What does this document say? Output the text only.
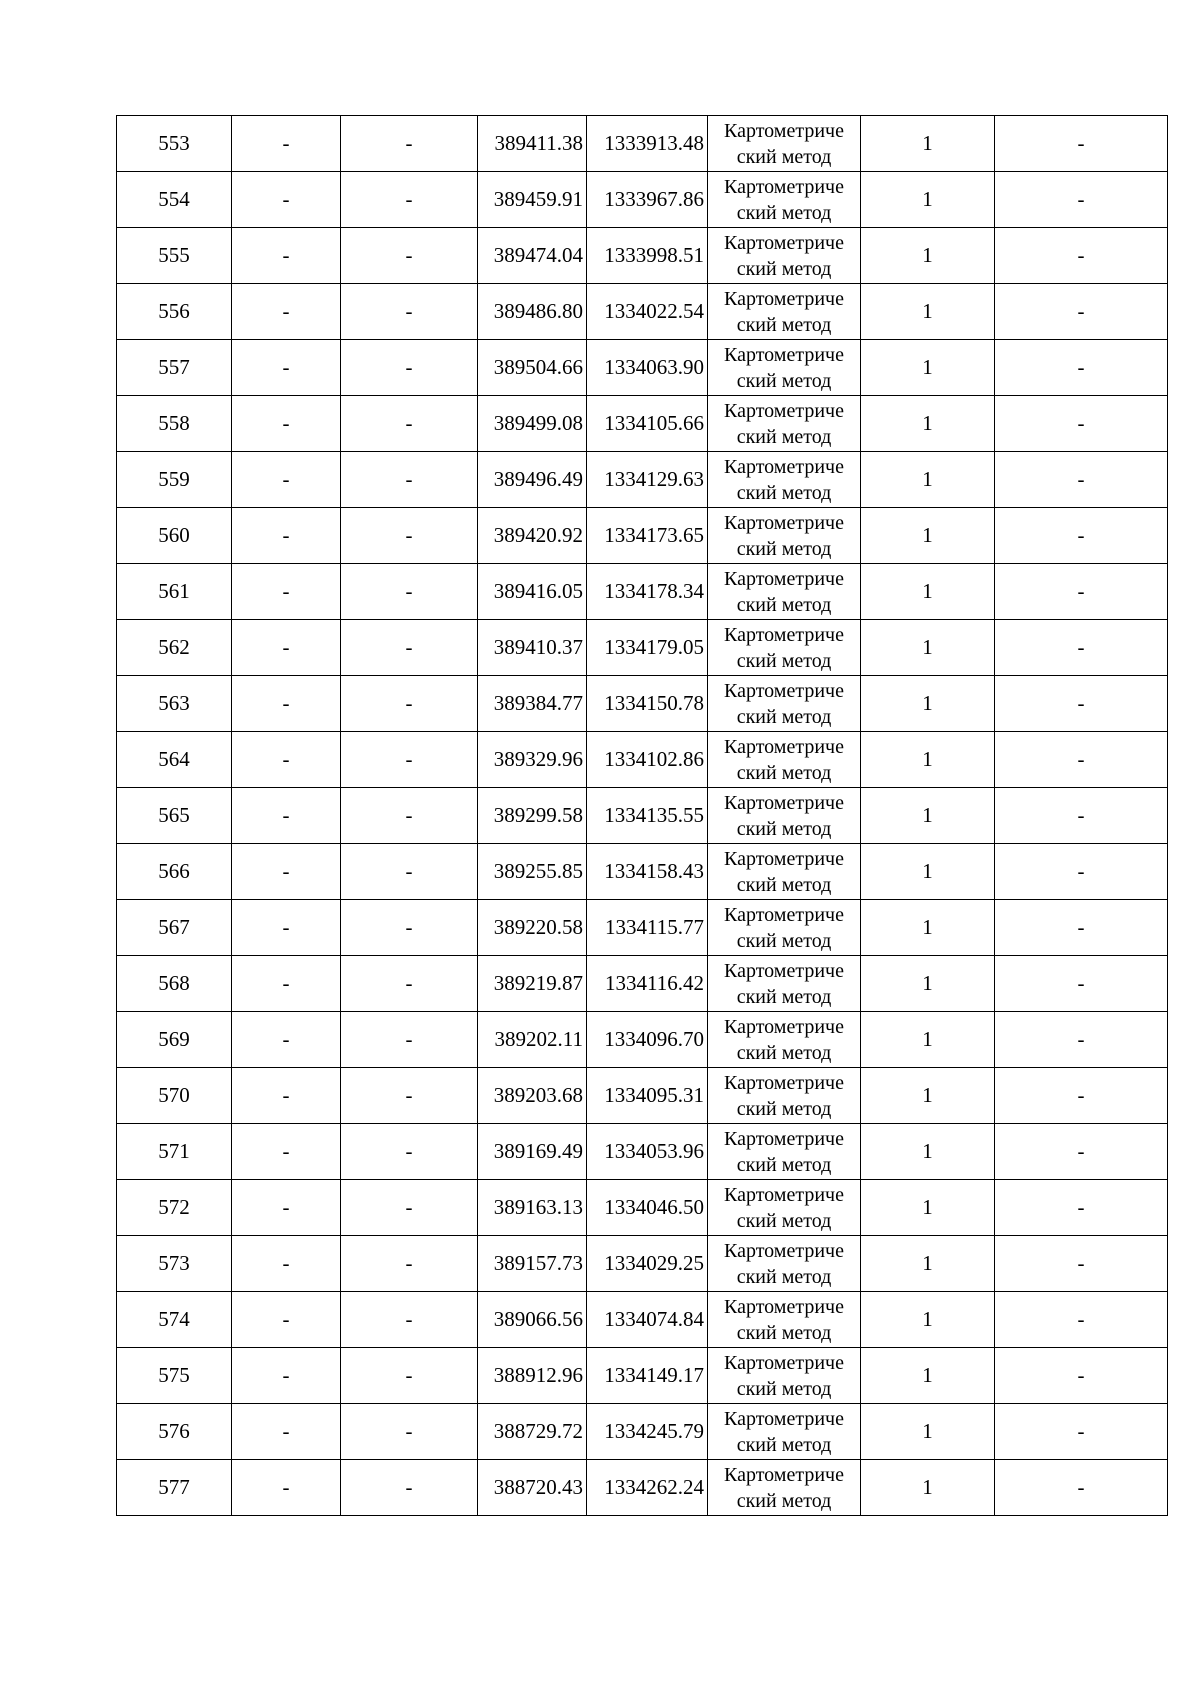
553	-	-	389411.38	1333913.48	Картометриче
ский метод	1	-
554	-	-	389459.91	1333967.86	Картометриче
ский метод	1	-
555	-	-	389474.04	1333998.51	Картометриче
ский метод	1	-
556	-	-	389486.80	1334022.54	Картометриче
ский метод	1	-
557	-	-	389504.66	1334063.90	Картометриче
ский метод	1	-
558	-	-	389499.08	1334105.66	Картометриче
ский метод	1	-
559	-	-	389496.49	1334129.63	Картометриче
ский метод	1	-
560	-	-	389420.92	1334173.65	Картометриче
ский метод	1	-
561	-	-	389416.05	1334178.34	Картометриче
ский метод	1	-
562	-	-	389410.37	1334179.05	Картометриче
ский метод	1	-
563	-	-	389384.77	1334150.78	Картометриче
ский метод	1	-
564	-	-	389329.96	1334102.86	Картометриче
ский метод	1	-
565	-	-	389299.58	1334135.55	Картометриче
ский метод	1	-
566	-	-	389255.85	1334158.43	Картометриче
ский метод	1	-
567	-	-	389220.58	1334115.77	Картометриче
ский метод	1	-
568	-	-	389219.87	1334116.42	Картометриче
ский метод	1	-
569	-	-	389202.11	1334096.70	Картометриче
ский метод	1	-
570	-	-	389203.68	1334095.31	Картометриче
ский метод	1	-
571	-	-	389169.49	1334053.96	Картометриче
ский метод	1	-
572	-	-	389163.13	1334046.50	Картометриче
ский метод	1	-
573	-	-	389157.73	1334029.25	Картометриче
ский метод	1	-
574	-	-	389066.56	1334074.84	Картометриче
ский метод	1	-
575	-	-	388912.96	1334149.17	Картометриче
ский метод	1	-
576	-	-	388729.72	1334245.79	Картометриче
ский метод	1	-
577	-	-	388720.43	1334262.24	Картометриче
ский метод	1	-
